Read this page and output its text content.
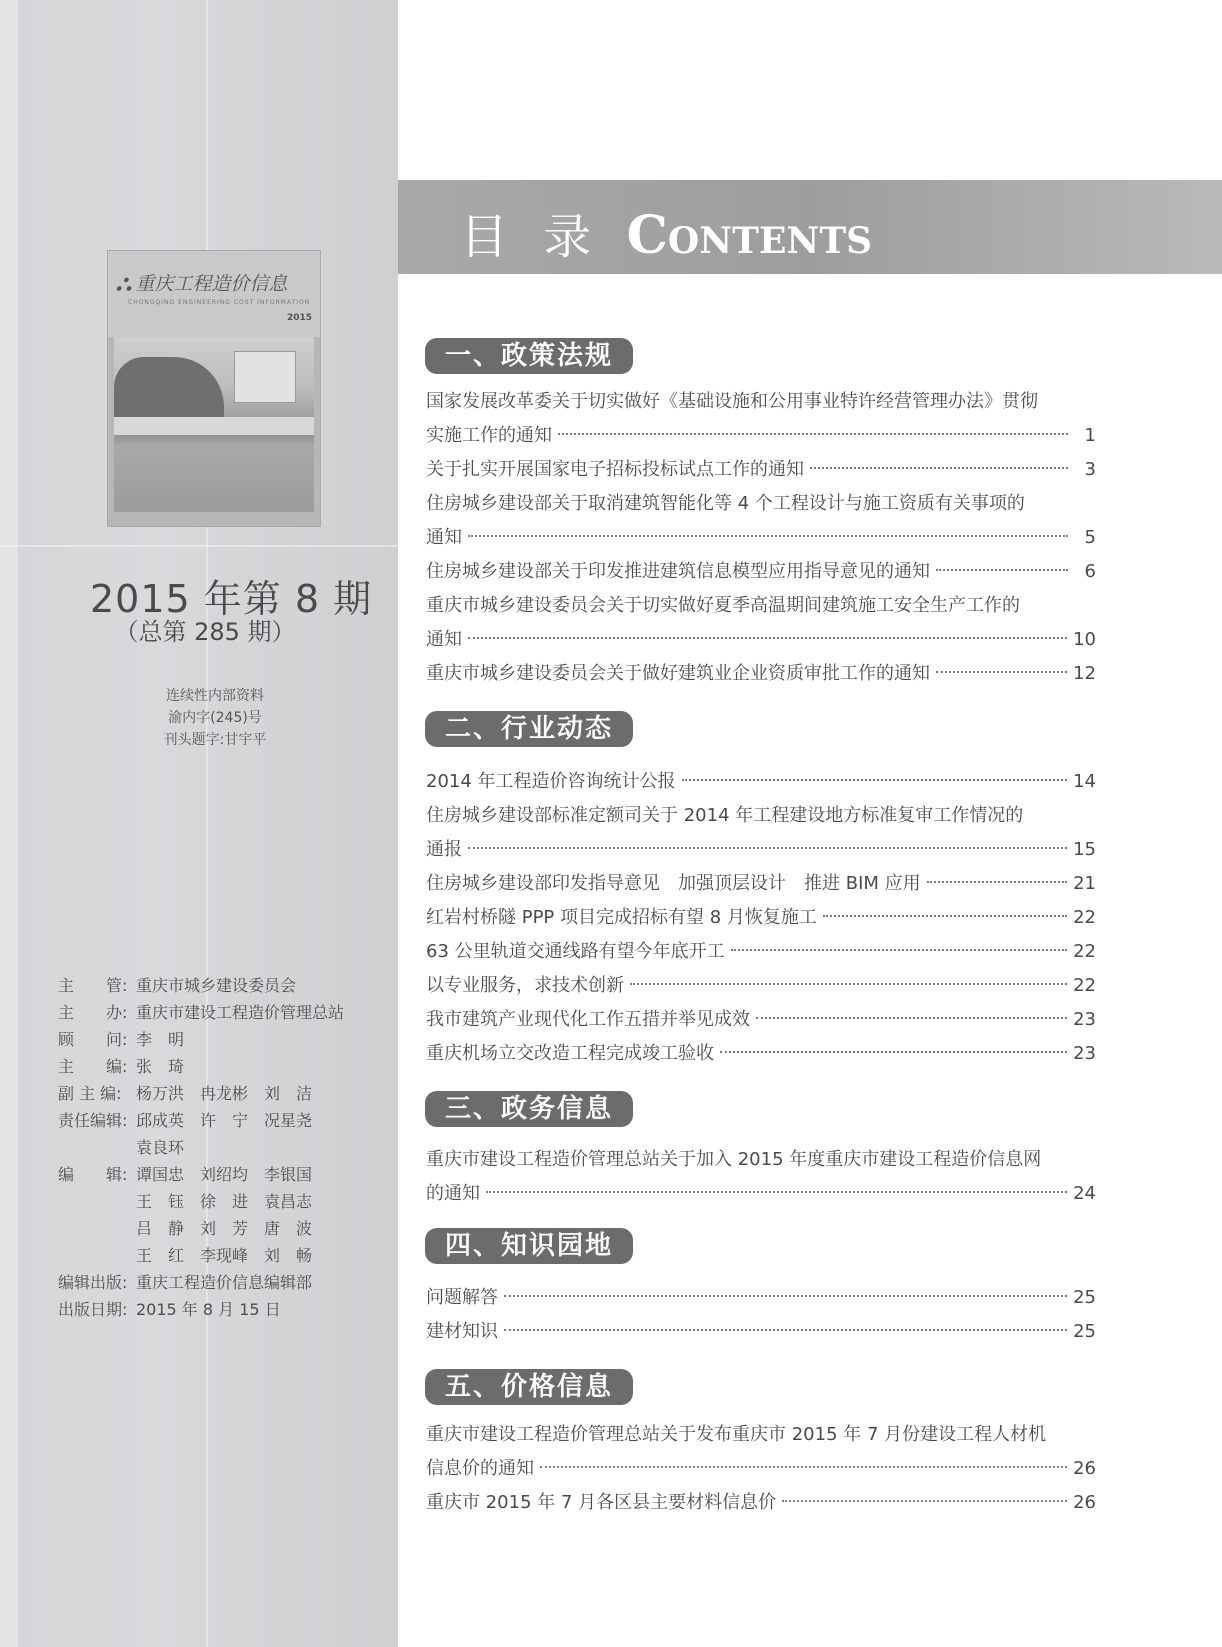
⛬ 重庆工程造价信息
CHONGQING ENGINEERING COST INFORMATION
2015
2015 年第 8 期
（总第 285 期）
连续性内部资料
渝内字(245)号
刊头题字:甘宇平
主　　管: 重庆市城乡建设委员会
主　　办: 重庆市建设工程造价管理总站
顾　　问: 李　明
主　　编: 张　琦
副 主 编: 杨万洪　冉龙彬　刘　洁
责任编辑: 邱成英　许　宁　况星尧
袁良环
编　　辑: 谭国忠　刘绍均　李银国
王　钰　徐　进　袁昌志
吕　静　刘　芳　唐　波
王　红　李现峰　刘　畅
编辑出版: 重庆工程造价信息编辑部
出版日期: 2015 年 8 月 15 日
目 录 Contents
一、政策法规
国家发展改革委关于切实做好《基础设施和公用事业特许经营管理办法》贯彻
实施工作的通知	1
关于扎实开展国家电子招标投标试点工作的通知	3
住房城乡建设部关于取消建筑智能化等 4 个工程设计与施工资质有关事项的
通知	5
住房城乡建设部关于印发推进建筑信息模型应用指导意见的通知	6
重庆市城乡建设委员会关于切实做好夏季高温期间建筑施工安全生产工作的
通知	10
重庆市城乡建设委员会关于做好建筑业企业资质审批工作的通知	12
二、行业动态
2014 年工程造价咨询统计公报	14
住房城乡建设部标准定额司关于 2014 年工程建设地方标准复审工作情况的
通报	15
住房城乡建设部印发指导意见　加强顶层设计　推进 BIM 应用	21
红岩村桥隧 PPP 项目完成招标有望 8 月恢复施工	22
63 公里轨道交通线路有望今年底开工	22
以专业服务，求技术创新	22
我市建筑产业现代化工作五措并举见成效	23
重庆机场立交改造工程完成竣工验收	23
三、政务信息
重庆市建设工程造价管理总站关于加入 2015 年度重庆市建设工程造价信息网
的通知	24
四、知识园地
问题解答	25
建材知识	25
五、价格信息
重庆市建设工程造价管理总站关于发布重庆市 2015 年 7 月份建设工程人材机
信息价的通知	26
重庆市 2015 年 7 月各区县主要材料信息价	26
